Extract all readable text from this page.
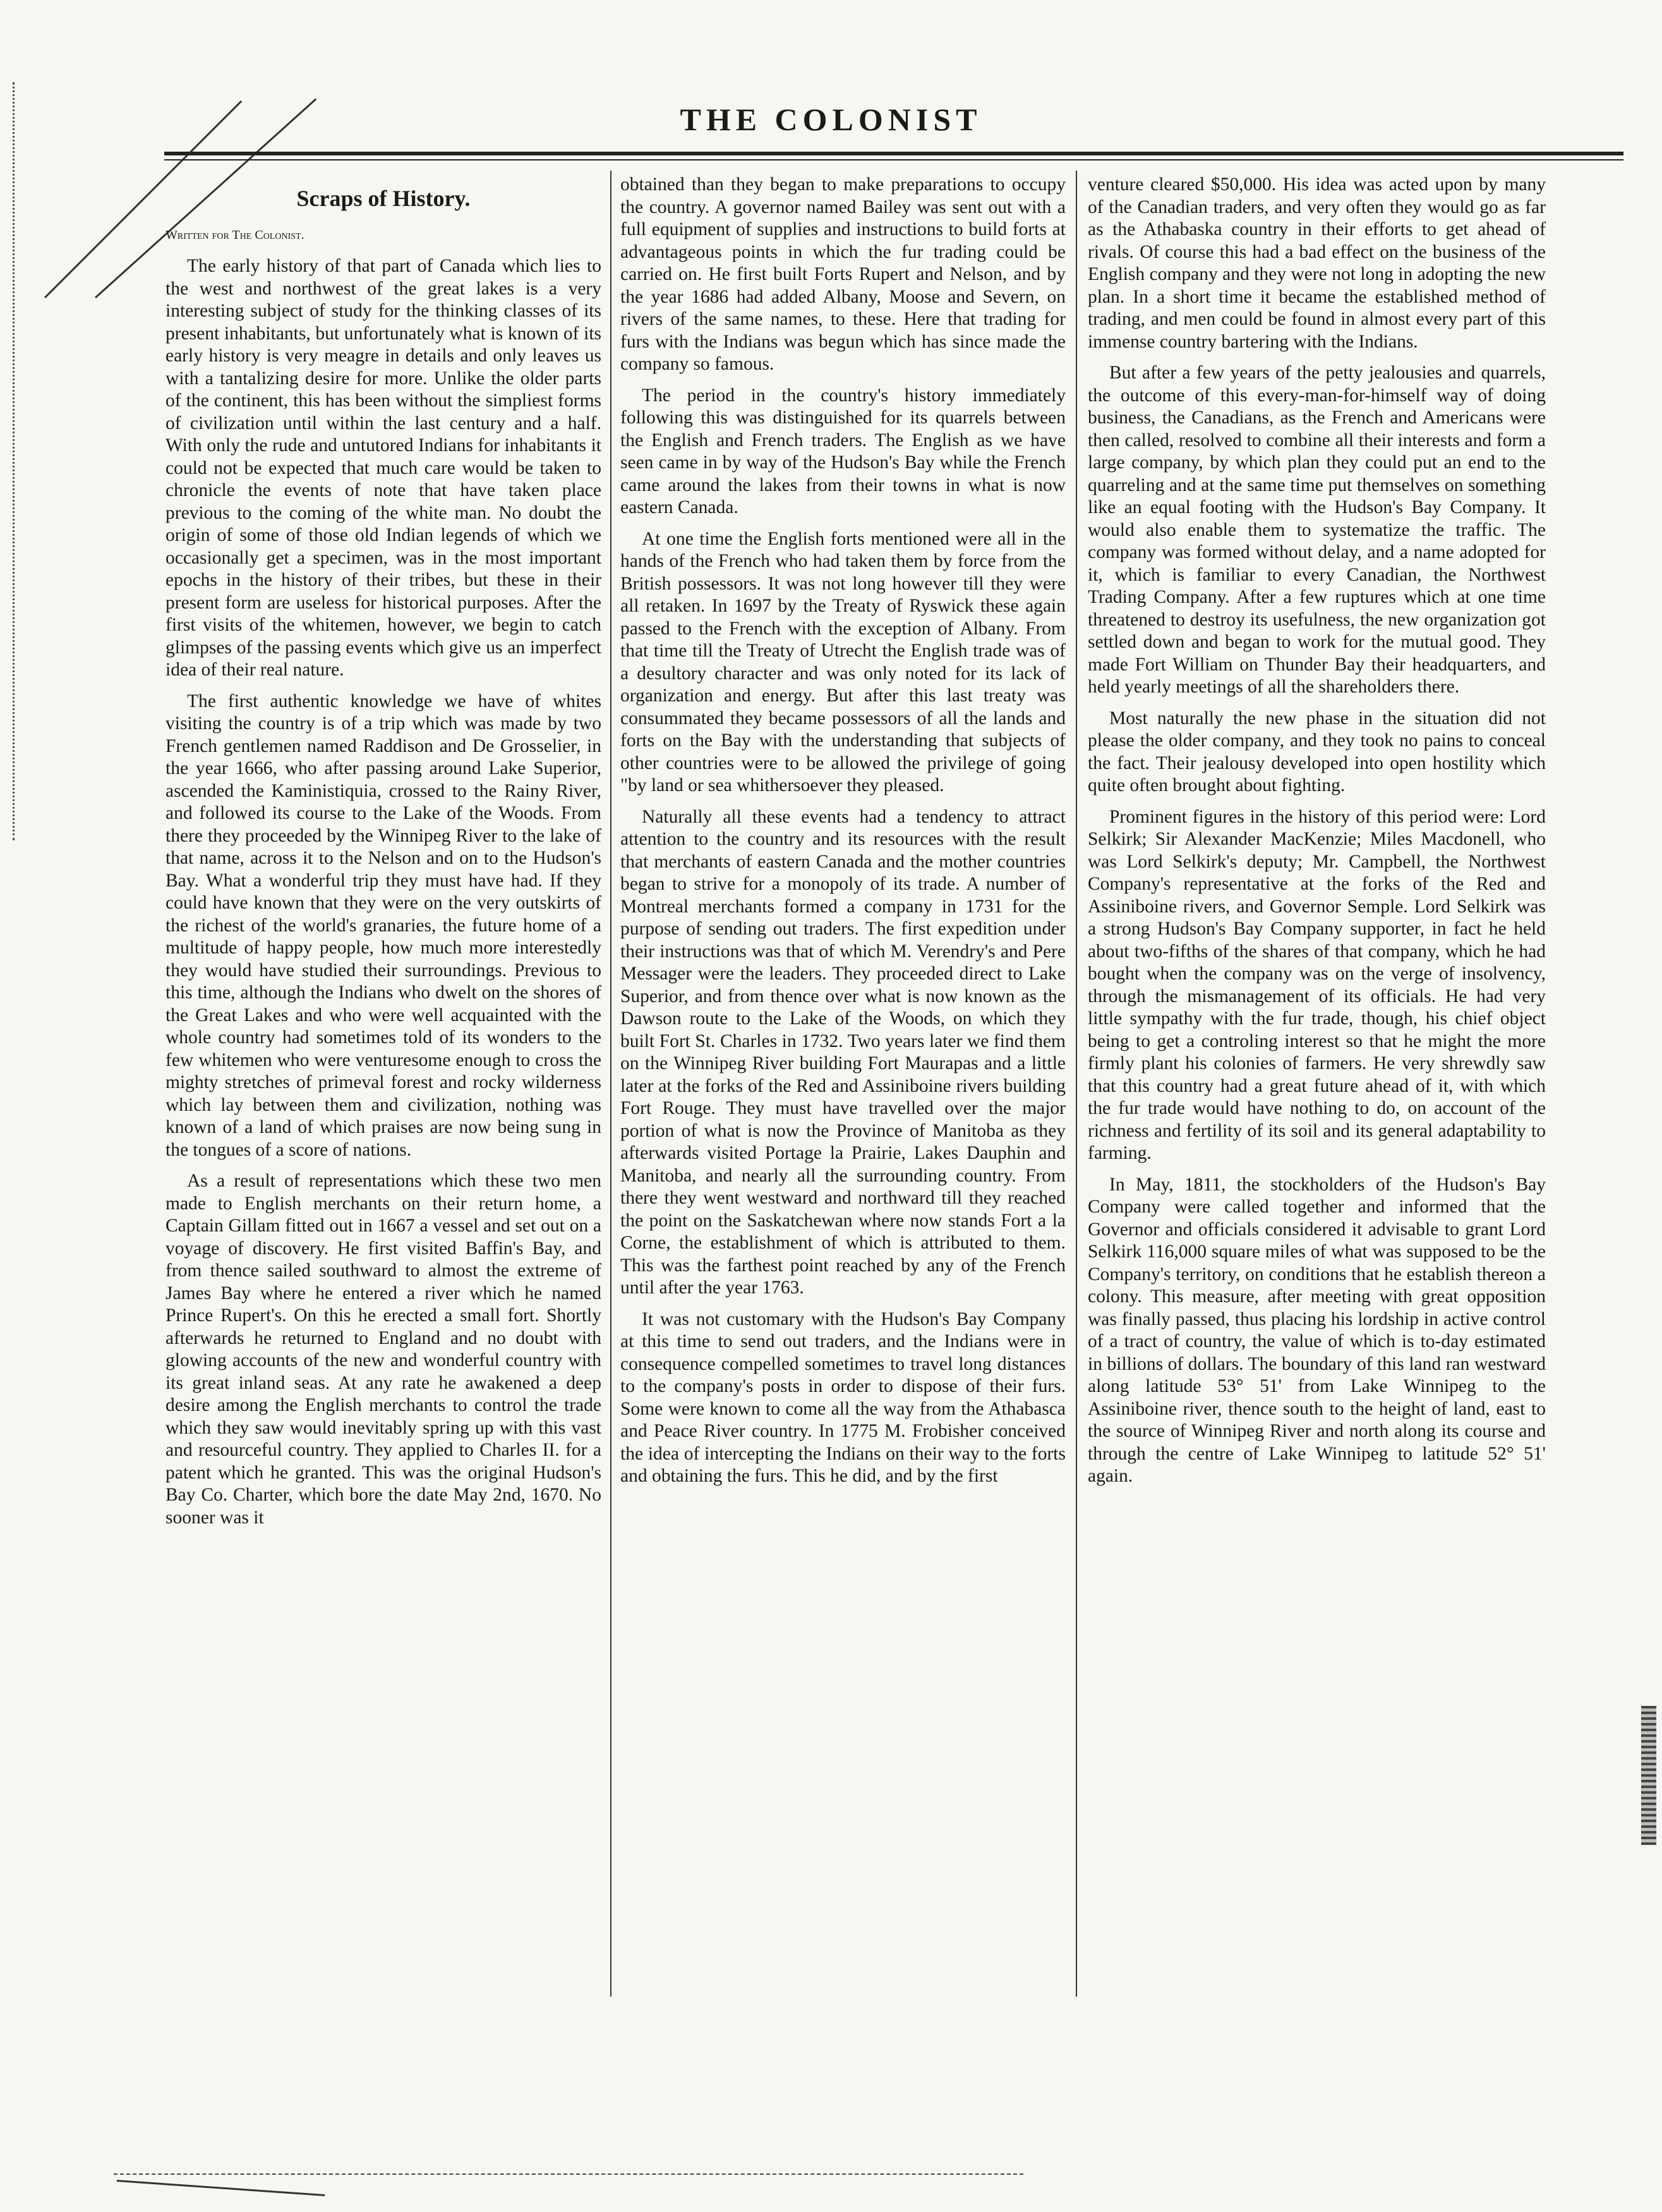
THE COLONIST
Scraps of History.

Written for The Colonist.

The early history of that part of Canada which lies to the west and northwest of the great lakes is a very interesting subject of study for the thinking classes of its present inhabitants, but unfortunately what is known of its early history is very meagre in details and only leaves us with a tantalizing desire for more. Unlike the older parts of the continent, this has been without the simpliest forms of civilization until within the last century and a half. With only the rude and untutored Indians for inhabitants it could not be expected that much care would be taken to chronicle the events of note that have taken place previous to the coming of the white man. No doubt the origin of some of those old Indian legends of which we occasionally get a specimen, was in the most important epochs in the history of their tribes, but these in their present form are useless for historical purposes. After the first visits of the whitemen, however, we begin to catch glimpses of the passing events which give us an imperfect idea of their real nature.

The first authentic knowledge we have of whites visiting the country is of a trip which was made by two French gentlemen named Raddison and De Grosselier, in the year 1666, who after passing around Lake Superior, ascended the Kaministiquia, crossed to the Rainy River, and followed its course to the Lake of the Woods. From there they proceeded by the Winnipeg River to the lake of that name, across it to the Nelson and on to the Hudson's Bay. What a wonderful trip they must have had. If they could have known that they were on the very outskirts of the richest of the world's granaries, the future home of a multitude of happy people, how much more interestedly they would have studied their surroundings. Previous to this time, although the Indians who dwelt on the shores of the Great Lakes and who were well acquainted with the whole country had sometimes told of its wonders to the few whitemen who were venturesome enough to cross the mighty stretches of primeval forest and rocky wilderness which lay between them and civilization, nothing was known of a land of which praises are now being sung in the tongues of a score of nations.

As a result of representations which these two men made to English merchants on their return home, a Captain Gillam fitted out in 1667 a vessel and set out on a voyage of discovery. He first visited Baffin's Bay, and from thence sailed southward to almost the extreme of James Bay where he entered a river which he named Prince Rupert's. On this he erected a small fort. Shortly afterwards he returned to England and no doubt with glowing accounts of the new and wonderful country with its great inland seas. At any rate he awakened a deep desire among the English merchants to control the trade which they saw would inevitably spring up with this vast and resourceful country. They applied to Charles II. for a patent which he granted. This was the original Hudson's Bay Co. Charter, which bore the date May 2nd, 1670. No sooner was it

obtained than they began to make preparations to occupy the country. A governor named Bailey was sent out with a full equipment of supplies and instructions to build forts at advantageous points in which the fur trading could be carried on. He first built Forts Rupert and Nelson, and by the year 1686 had added Albany, Moose and Severn, on rivers of the same names, to these. Here that trading for furs with the Indians was begun which has since made the company so famous.

The period in the country's history immediately following this was distinguished for its quarrels between the English and French traders. The English as we have seen came in by way of the Hudson's Bay while the French came around the lakes from their towns in what is now eastern Canada.

At one time the English forts mentioned were all in the hands of the French who had taken them by force from the British possessors. It was not long however till they were all retaken. In 1697 by the Treaty of Ryswick these again passed to the French with the exception of Albany. From that time till the Treaty of Utrecht the English trade was of a desultory character and was only noted for its lack of organization and energy. But after this last treaty was consummated they became possessors of all the lands and forts on the Bay with the understanding that subjects of other countries were to be allowed the privilege of going "by land or sea whithersoever they pleased.

Naturally all these events had a tendency to attract attention to the country and its resources with the result that merchants of eastern Canada and the mother countries began to strive for a monopoly of its trade. A number of Montreal merchants formed a company in 1731 for the purpose of sending out traders. The first expedition under their instructions was that of which M. Verendry's and Pere Messager were the leaders. They proceeded direct to Lake Superior, and from thence over what is now known as the Dawson route to the Lake of the Woods, on which they built Fort St. Charles in 1732. Two years later we find them on the Winnipeg River building Fort Maurapas and a little later at the forks of the Red and Assiniboine rivers building Fort Rouge. They must have travelled over the major portion of what is now the Province of Manitoba as they afterwards visited Portage la Prairie, Lakes Dauphin and Manitoba, and nearly all the surrounding country. From there they went westward and northward till they reached the point on the Saskatchewan where now stands Fort a la Corne, the establishment of which is attributed to them. This was the farthest point reached by any of the French until after the year 1763.

It was not customary with the Hudson's Bay Company at this time to send out traders, and the Indians were in consequence compelled sometimes to travel long distances to the company's posts in order to dispose of their furs. Some were known to come all the way from the Athabasca and Peace River country. In 1775 M. Frobisher conceived the idea of intercepting the Indians on their way to the forts and obtaining the furs. This he did, and by the first

venture cleared $50,000. His idea was acted upon by many of the Canadian traders, and very often they would go as far as the Athabaska country in their efforts to get ahead of rivals. Of course this had a bad effect on the business of the English company and they were not long in adopting the new plan. In a short time it became the established method of trading, and men could be found in almost every part of this immense country bartering with the Indians.

But after a few years of the petty jealousies and quarrels, the outcome of this every-man-for-himself way of doing business, the Canadians, as the French and Americans were then called, resolved to combine all their interests and form a large company, by which plan they could put an end to the quarreling and at the same time put themselves on something like an equal footing with the Hudson's Bay Company. It would also enable them to systematize the traffic. The company was formed without delay, and a name adopted for it, which is familiar to every Canadian, the Northwest Trading Company. After a few ruptures which at one time threatened to destroy its usefulness, the new organization got settled down and began to work for the mutual good. They made Fort William on Thunder Bay their headquarters, and held yearly meetings of all the shareholders there.

Most naturally the new phase in the situation did not please the older company, and they took no pains to conceal the fact. Their jealousy developed into open hostility which quite often brought about fighting.

Prominent figures in the history of this period were: Lord Selkirk; Sir Alexander MacKenzie; Miles Macdonell, who was Lord Selkirk's deputy; Mr. Campbell, the Northwest Company's representative at the forks of the Red and Assiniboine rivers, and Governor Semple. Lord Selkirk was a strong Hudson's Bay Company supporter, in fact he held about two-fifths of the shares of that company, which he had bought when the company was on the verge of insolvency, through the mismanagement of its officials. He had very little sympathy with the fur trade, though, his chief object being to get a controling interest so that he might the more firmly plant his colonies of farmers. He very shrewdly saw that this country had a great future ahead of it, with which the fur trade would have nothing to do, on account of the richness and fertility of its soil and its general adaptability to farming.

In May, 1811, the stockholders of the Hudson's Bay Company were called together and informed that the Governor and officials considered it advisable to grant Lord Selkirk 116,000 square miles of what was supposed to be the Company's territory, on conditions that he establish thereon a colony. This measure, after meeting with great opposition was finally passed, thus placing his lordship in active control of a tract of country, the value of which is to-day estimated in billions of dollars. The boundary of this land ran westward along latitude 53° 51' from Lake Winnipeg to the Assiniboine river, thence south to the height of land, east to the source of Winnipeg River and north along its course and through the centre of Lake Winnipeg to latitude 52° 51' again.
